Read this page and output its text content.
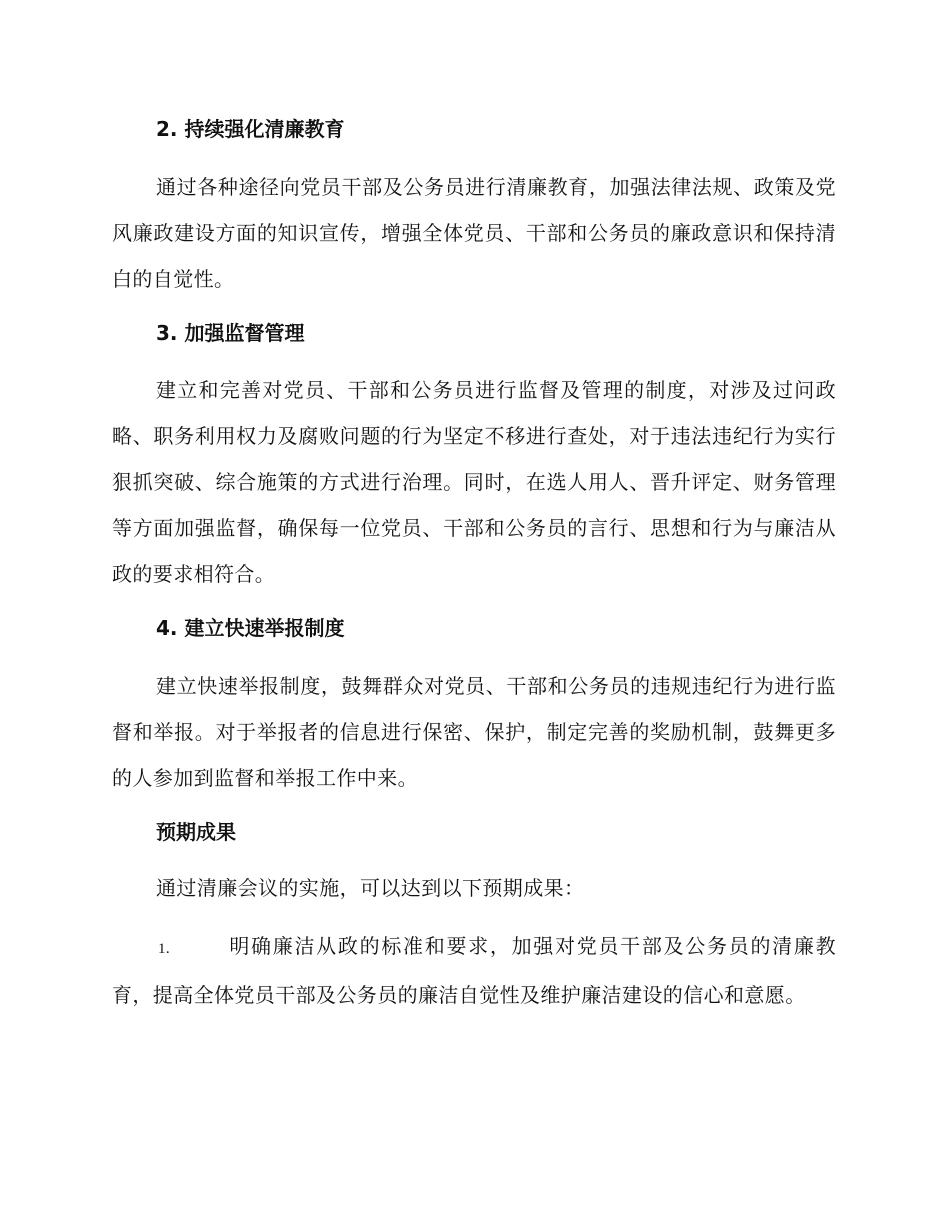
2. 持续强化清廉教育
通过各种途径向党员干部及公务员进行清廉教育，加强法律法规、政策及党风廉政建设方面的知识宣传，增强全体党员、干部和公务员的廉政意识和保持清白的自觉性。
3. 加强监督管理
建立和完善对党员、干部和公务员进行监督及管理的制度，对涉及过问政略、职务利用权力及腐败问题的行为坚定不移进行查处，对于违法违纪行为实行狠抓突破、综合施策的方式进行治理。同时，在选人用人、晋升评定、财务管理等方面加强监督，确保每一位党员、干部和公务员的言行、思想和行为与廉洁从政的要求相符合。
4. 建立快速举报制度
建立快速举报制度，鼓舞群众对党员、干部和公务员的违规违纪行为进行监督和举报。对于举报者的信息进行保密、保护，制定完善的奖励机制，鼓舞更多的人参加到监督和举报工作中来。
预期成果
通过清廉会议的实施，可以达到以下预期成果：
1.	明确廉洁从政的标准和要求，加强对党员干部及公务员的清廉教育，提高全体党员干部及公务员的廉洁自觉性及维护廉洁建设的信心和意愿。
